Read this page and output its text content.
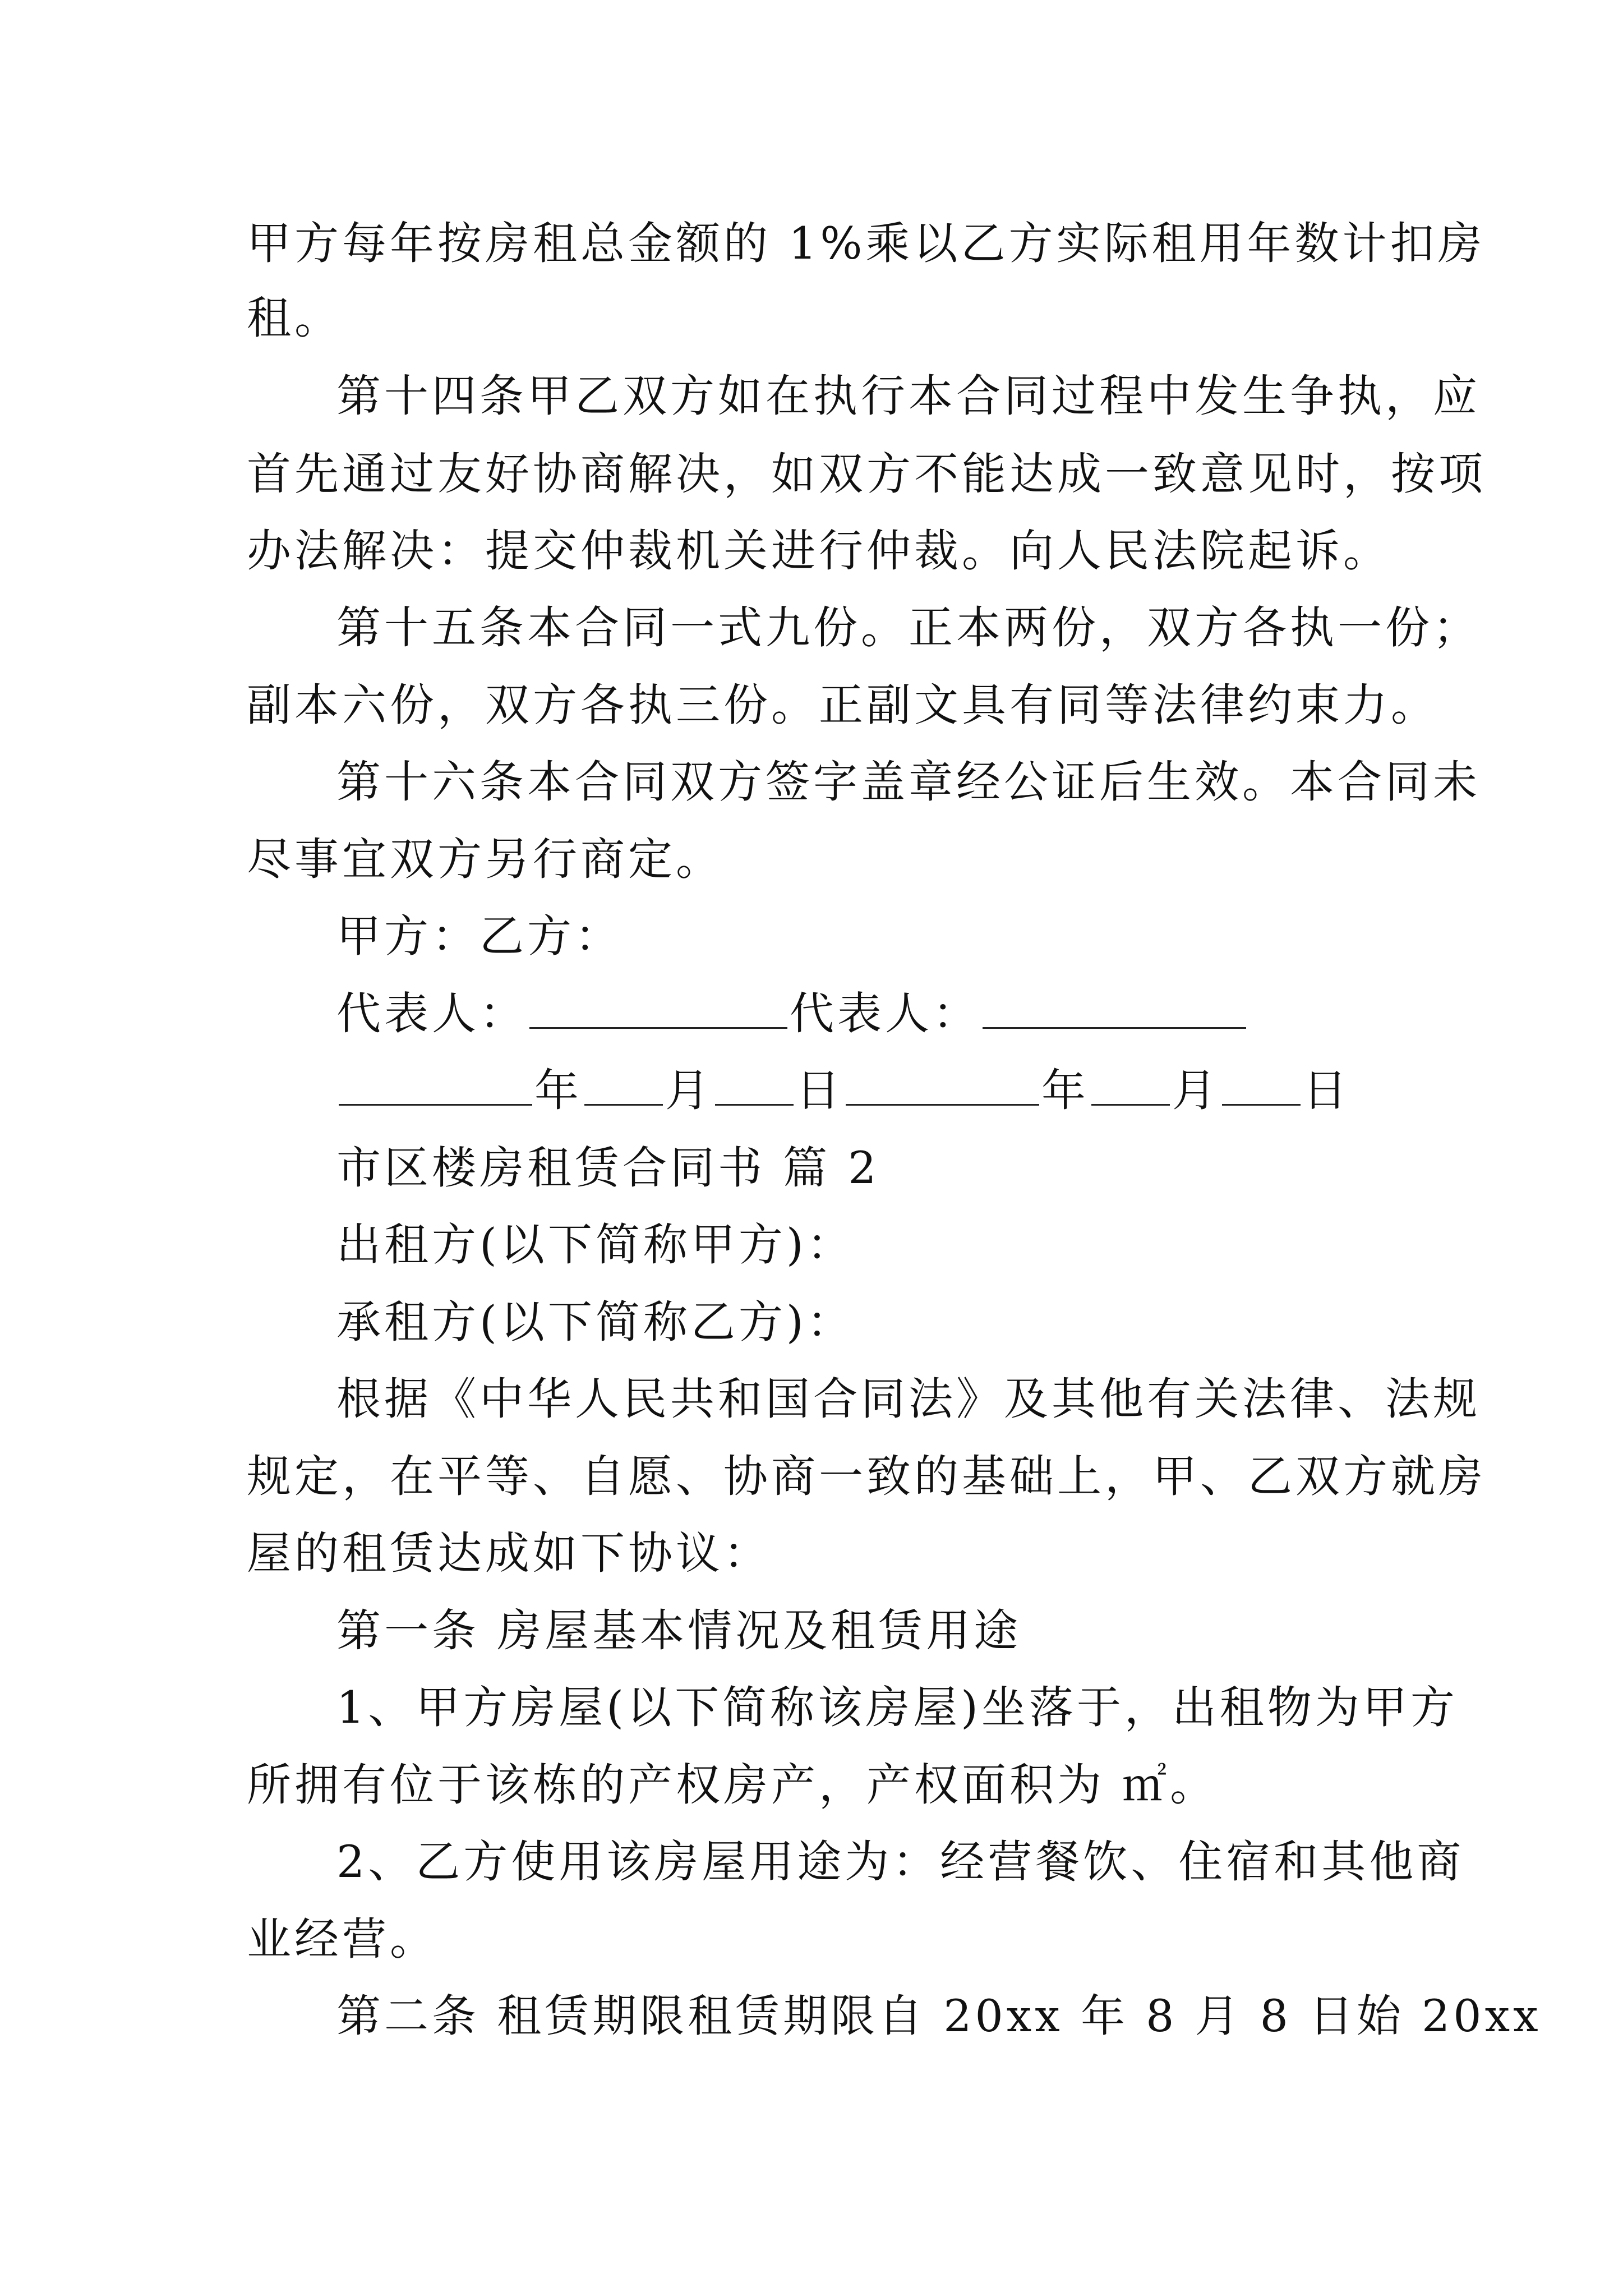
甲方每年按房租总金额的 1%乘以乙方实际租用年数计扣房
租。
第十四条甲乙双方如在执行本合同过程中发生争执，应
首先通过友好协商解决，如双方不能达成一致意见时，按项
办法解决：提交仲裁机关进行仲裁。向人民法院起诉。
第十五条本合同一式九份。正本两份，双方各执一份；
副本六份，双方各执三份。正副文具有同等法律约束力。
第十六条本合同双方签字盖章经公证后生效。本合同未
尽事宜双方另行商定。
甲方：乙方：
代表人：	代表人：
年 月 日	年 月 日
市区楼房租赁合同书 篇 2
出租方(以下简称甲方)：
承租方(以下简称乙方)：
根据《中华人民共和国合同法》及其他有关法律、法规
规定，在平等、自愿、协商一致的基础上，甲、乙双方就房
屋的租赁达成如下协议：
第一条 房屋基本情况及租赁用途
1、甲方房屋(以下简称该房屋)坐落于，出租物为甲方
所拥有位于该栋的产权房产，产权面积为 ㎡。
2、乙方使用该房屋用途为：经营餐饮、住宿和其他商
业经营。
第二条 租赁期限租赁期限自 20xx 年 8 月 8 日始 20xx
